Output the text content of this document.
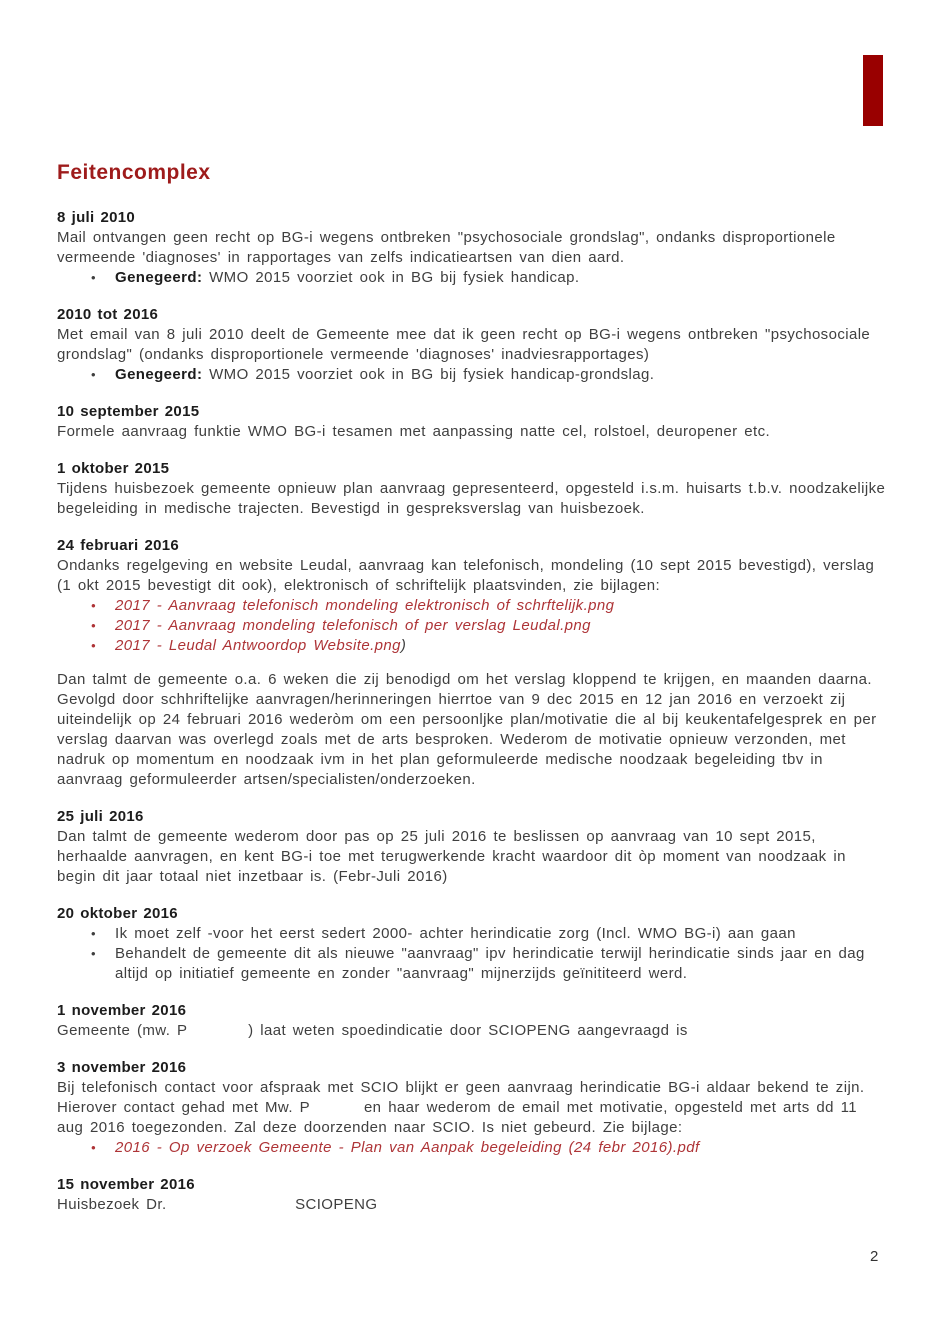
Feitencomplex
8 juli 2010

Mail ontvangen geen recht op BG-i wegens ontbreken "psychosociale grondslag", ondanks disproportionele vermeende 'diagnoses' in rapportages van zelfs indicatieartsen van dien aard.

•	Genegeerd: WMO 2015 voorziet ook in BG bij fysiek handicap.
2010 tot 2016

Met email van 8 juli 2010 deelt de Gemeente mee dat ik geen recht op BG-i wegens ontbreken "psychosociale grondslag" (ondanks disproportionele vermeende 'diagnoses' inadviesrapportages)

•	Genegeerd: WMO 2015 voorziet ook in BG bij fysiek handicap-grondslag.
10 september 2015

Formele aanvraag funktie WMO BG-i tesamen met aanpassing natte cel, rolstoel, deuropener etc.

1 oktober 2015

Tijdens huisbezoek gemeente opnieuw plan aanvraag gepresenteerd, opgesteld i.s.m. huisarts t.b.v. noodzakelijke begeleiding in medische trajecten. Bevestigd in gespreksverslag van huisbezoek.

24 februari 2016

Ondanks regelgeving en website Leudal, aanvraag kan telefonisch, mondeling (10 sept 2015 bevestigd), verslag (1 okt 2015 bevestigt dit ook), elektronisch of schriftelijk plaatsvinden, zie bijlagen:

•	2017 - Aanvraag telefonisch mondeling elektronisch of schrftelijk.png
•	2017 - Aanvraag mondeling telefonisch of per verslag Leudal.png
•	2017 - Leudal Antwoordop Website.png)

Dan talmt de gemeente o.a. 6 weken die zij benodigd om het verslag kloppend te krijgen, en maanden daarna. Gevolgd door schhriftelijke aanvragen/herinneringen hierrtoe van 9 dec 2015 en 12 jan 2016 en verzoekt zij uiteindelijk op 24 februari 2016 wederòm om een persoonljke plan/motivatie die al bij keukentafelgesprek en per verslag daarvan was overlegd zoals met de arts besproken. Wederom de motivatie opnieuw verzonden, met nadruk op momentum en noodzaak ivm in het plan geformuleerde medische noodzaak begeleiding tbv in aanvraag geformuleerder artsen/specialisten/onderzoeken.

25 juli 2016

Dan talmt de gemeente wederom door pas op 25 juli 2016 te beslissen op aanvraag van 10 sept 2015, herhaalde aanvragen, en kent BG-i toe met terugwerkende kracht waardoor dit òp moment van noodzaak in begin dit jaar totaal niet inzetbaar is. (Febr-Juli 2016)

20 oktober 2016
•	Ik moet zelf -voor het eerst sedert 2000- achter herindicatie zorg (Incl. WMO BG-i) aan gaan
•	Behandelt de gemeente dit als nieuwe "aanvraag" ipv herindicatie terwijl herindicatie sinds jaar en dag altijd op initiatief gemeente en zonder "aanvraag" mijnerzijds geïnititeerd werd.
1 november 2016

Gemeente (mw. P         ) laat weten spoedindicatie door SCIOPENG aangevraagd is

3 november 2016

Bij telefonisch contact voor afspraak met SCIO blijkt er geen aanvraag herindicatie BG-i aldaar bekend te zijn. Hierover contact gehad met Mw. P        en haar wederom de email met motivatie, opgesteld met arts dd 11 aug 2016 toegezonden. Zal deze doorzenden naar SCIO. Is niet gebeurd. Zie bijlage:

•	2016 - Op verzoek Gemeente - Plan van Aanpak begeleiding (24 febr 2016).pdf
15 november 2016

Huisbezoek Dr.                   SCIOPENG

2
